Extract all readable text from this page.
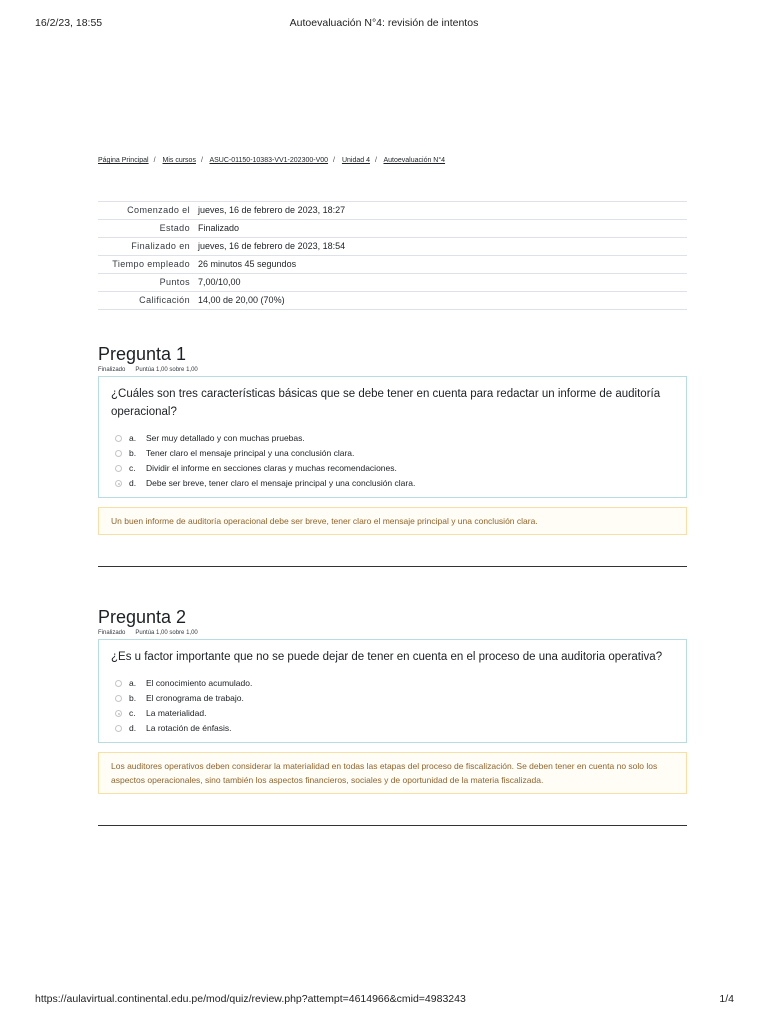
16/2/23, 18:55	Autoevaluación N°4: revisión de intentos
Página Principal / Mis cursos / ASUC-01150-10383-VV1-202300-V00 / Unidad 4 / Autoevaluación N°4
Comenzado el	jueves, 16 de febrero de 2023, 18:27
Estado	Finalizado
Finalizado en	jueves, 16 de febrero de 2023, 18:54
Tiempo empleado	26 minutos 45 segundos
Puntos	7,00/10,00
Calificación	14,00 de 20,00 (70%)
Pregunta 1
Finalizado Puntúa 1,00 sobre 1,00
¿Cuáles son tres características básicas que se debe tener en cuenta para redactar un informe de auditoría operacional?
a.	Ser muy detallado y con muchas pruebas.
b.	Tener claro el mensaje principal y una conclusión clara.
c.	Dividir el informe en secciones claras y muchas recomendaciones.
d.	Debe ser breve, tener claro el mensaje principal y una conclusión clara.
Un buen informe de auditoría operacional debe ser breve, tener claro el mensaje principal y una conclusión clara.
Pregunta 2
Finalizado Puntúa 1,00 sobre 1,00
¿Es u factor importante que no se puede dejar de tener en cuenta en el proceso de una auditoria operativa?
a.	El conocimiento acumulado.
b.	El cronograma de trabajo.
c.	La materialidad.
d.	La rotación de énfasis.
Los auditores operativos deben considerar la materialidad en todas las etapas del proceso de fiscalización. Se deben tener en cuenta no solo los aspectos operacionales, sino también los aspectos financieros, sociales y de oportunidad de la materia fiscalizada.
https://aulavirtual.continental.edu.pe/mod/quiz/review.php?attempt=4614966&cmid=4983243	1/4
